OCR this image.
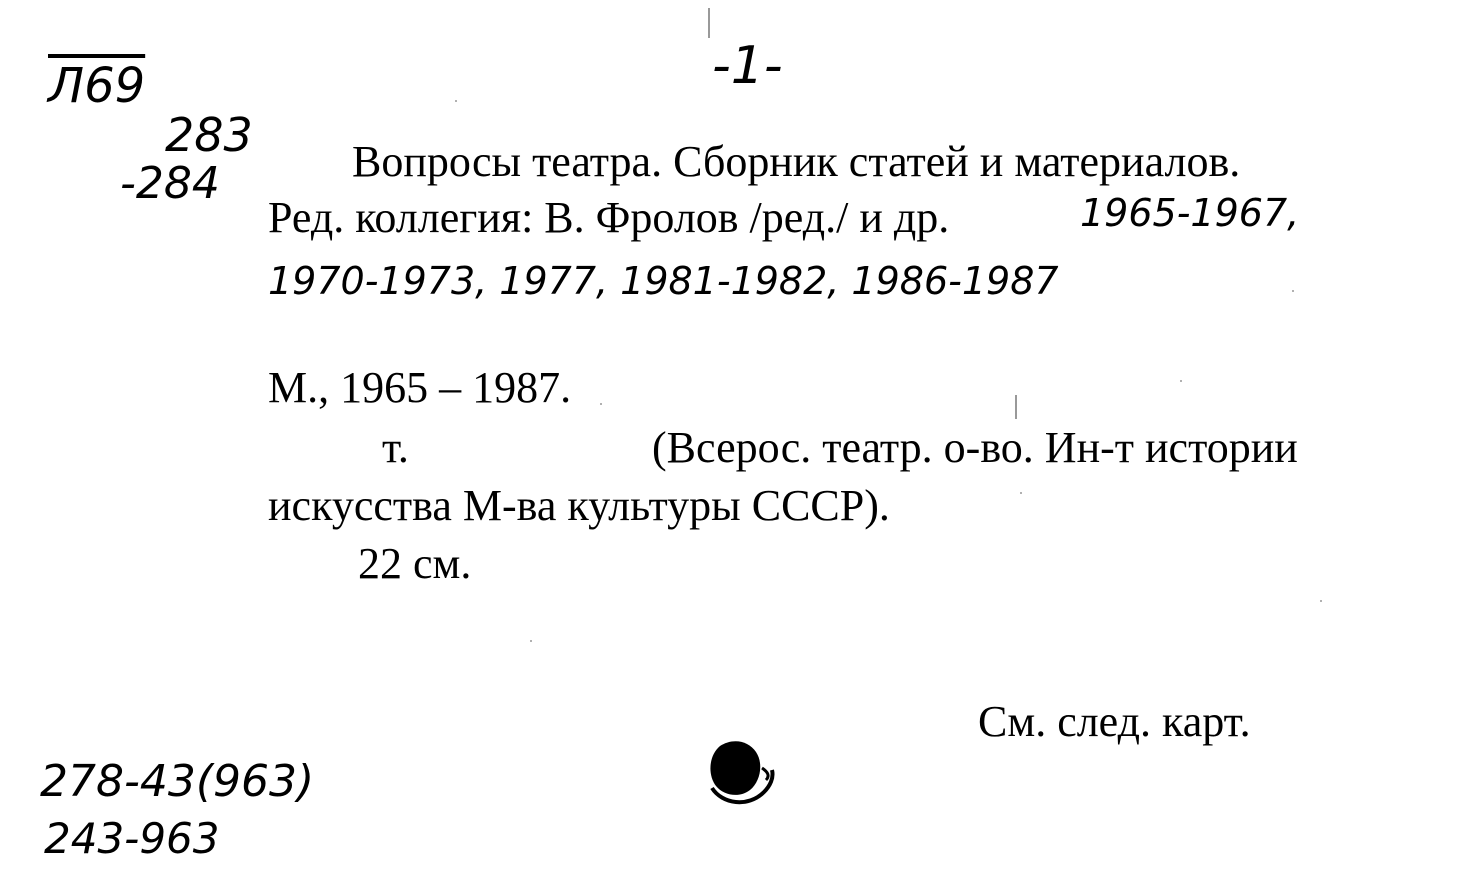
-1-
Л69
283
-284	Вопросы театра. Сборник статей и материалов.
Ред. коллегия: В. Фролов /ред./ и др.	1965-1967,
1970-1973, 1977, 1981-1982, 1986-1987
М., 1965 – 1987.
т.	(Всерос. театр. о-во. Ин-т истории
искусства М-ва культуры СССР).
22 см.
См. след. карт.
278-43(963)
243-963
